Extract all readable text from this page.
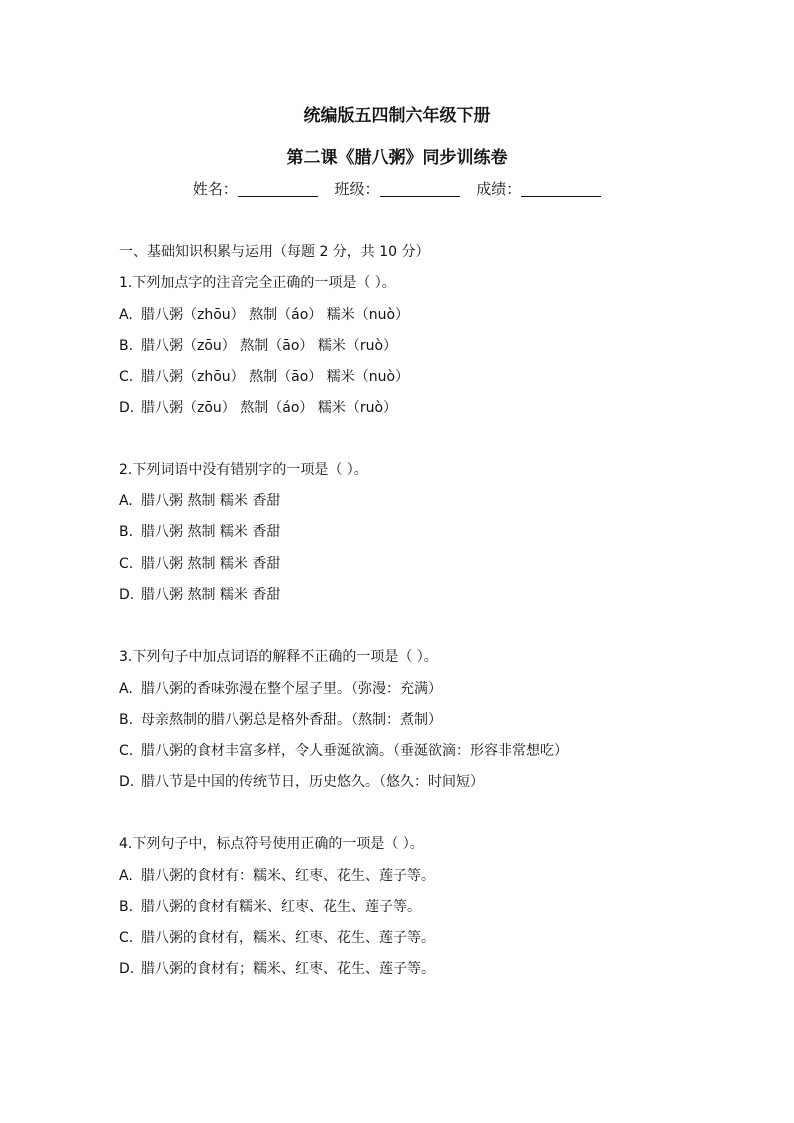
统编版五四制六年级下册
第二课《腊八粥》同步训练卷
姓名：	班级：	成绩：
一、基础知识积累与运用（每题 2 分，共 10 分）
1.下列加点字的注音完全正确的一项是（ ）。
A. 腊八粥（zhōu） 熬制（áo） 糯米（nuò）
B. 腊八粥（zōu） 熬制（āo） 糯米（ruò）
C. 腊八粥（zhōu） 熬制（āo） 糯米（nuò）
D. 腊八粥（zōu） 熬制（áo） 糯米（ruò）
2.下列词语中没有错别字的一项是（ ）。
A. 腊八粥 熬制 糯米 香甜
B. 腊八粥 熬制 糯米 香甜
C. 腊八粥 熬制 糯米 香甜
D. 腊八粥 熬制 糯米 香甜
3.下列句子中加点词语的解释不正确的一项是（ ）。
A. 腊八粥的香味弥漫在整个屋子里。（弥漫：充满）
B. 母亲熬制的腊八粥总是格外香甜。（熬制：煮制）
C. 腊八粥的食材丰富多样，令人垂涎欲滴。（垂涎欲滴：形容非常想吃）
D. 腊八节是中国的传统节日，历史悠久。（悠久：时间短）
4.下列句子中，标点符号使用正确的一项是（ ）。
A. 腊八粥的食材有：糯米、红枣、花生、莲子等。
B. 腊八粥的食材有糯米、红枣、花生、莲子等。
C. 腊八粥的食材有，糯米、红枣、花生、莲子等。
D. 腊八粥的食材有；糯米、红枣、花生、莲子等。
